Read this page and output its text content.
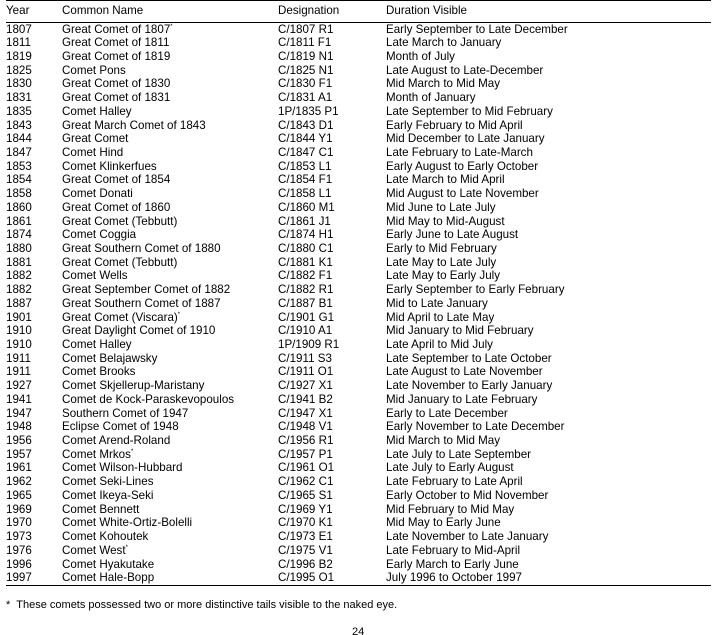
Year	Common Name	Designation	Duration Visible
1807	Great Comet of 1807*	C/1807 R1	Early September to Late December
1811	Great Comet of 1811	C/1811 F1	Late March to January
1819	Great Comet of 1819	C/1819 N1	Month of July
1825	Comet Pons	C/1825 N1	Late August to Late-December
1830	Great Comet of 1830	C/1830 F1	Mid March to Mid May
1831	Great Comet of 1831	C/1831 A1	Month of January
1835	Comet Halley	1P/1835 P1	Late September to Mid February
1843	Great March Comet of 1843	C/1843 D1	Early February to Mid April
1844	Great Comet	C/1844 Y1	Mid December to Late January
1847	Comet Hind	C/1847 C1	Late February to Late-March
1853	Comet Klinkerfues	C/1853 L1	Early August to Early October
1854	Great Comet of 1854	C/1854 F1	Late March to Mid April
1858	Comet Donati	C/1858 L1	Mid August to Late November
1860	Great Comet of 1860	C/1860 M1	Mid June to Late July
1861	Great Comet (Tebbutt)	C/1861 J1	Mid May to Mid-August
1874	Comet Coggia	C/1874 H1	Early June to Late August
1880	Great Southern Comet of 1880	C/1880 C1	Early to Mid February
1881	Great Comet (Tebbutt)	C/1881 K1	Late May to Late July
1882	Comet Wells	C/1882 F1	Late May to Early July
1882	Great September Comet of 1882	C/1882 R1	Early September to Early February
1887	Great Southern Comet of 1887	C/1887 B1	Mid to Late January
1901	Great Comet (Viscara)*	C/1901 G1	Mid April to Late May
1910	Great Daylight Comet of 1910	C/1910 A1	Mid January to Mid February
1910	Comet Halley	1P/1909 R1	Late April to Mid July
1911	Comet Belajawsky	C/1911 S3	Late September to Late October
1911	Comet Brooks	C/1911 O1	Late August to Late November
1927	Comet Skjellerup-Maristany	C/1927 X1	Late November to Early January
1941	Comet de Kock-Paraskevopoulos	C/1941 B2	Mid January to Late February
1947	Southern Comet of 1947	C/1947 X1	Early to Late December
1948	Eclipse Comet of 1948	C/1948 V1	Early November to Late December
1956	Comet Arend-Roland	C/1956 R1	Mid March to Mid May
1957	Comet Mrkos*	C/1957 P1	Late July to Late September
1961	Comet Wilson-Hubbard	C/1961 O1	Late July to Early August
1962	Comet Seki-Lines	C/1962 C1	Late February to Late April
1965	Comet Ikeya-Seki	C/1965 S1	Early October to Mid November
1969	Comet Bennett	C/1969 Y1	Mid February to Mid May
1970	Comet White-Ortiz-Bolelli	C/1970 K1	Mid May to Early June
1973	Comet Kohoutek	C/1973 E1	Late November to Late January
1976	Comet West*	C/1975 V1	Late February to Mid-April
1996	Comet Hyakutake	C/1996 B2	Early March to Early June
1997	Comet Hale-Bopp	C/1995 O1	July 1996 to October 1997
* These comets possessed two or more distinctive tails visible to the naked eye.
24
